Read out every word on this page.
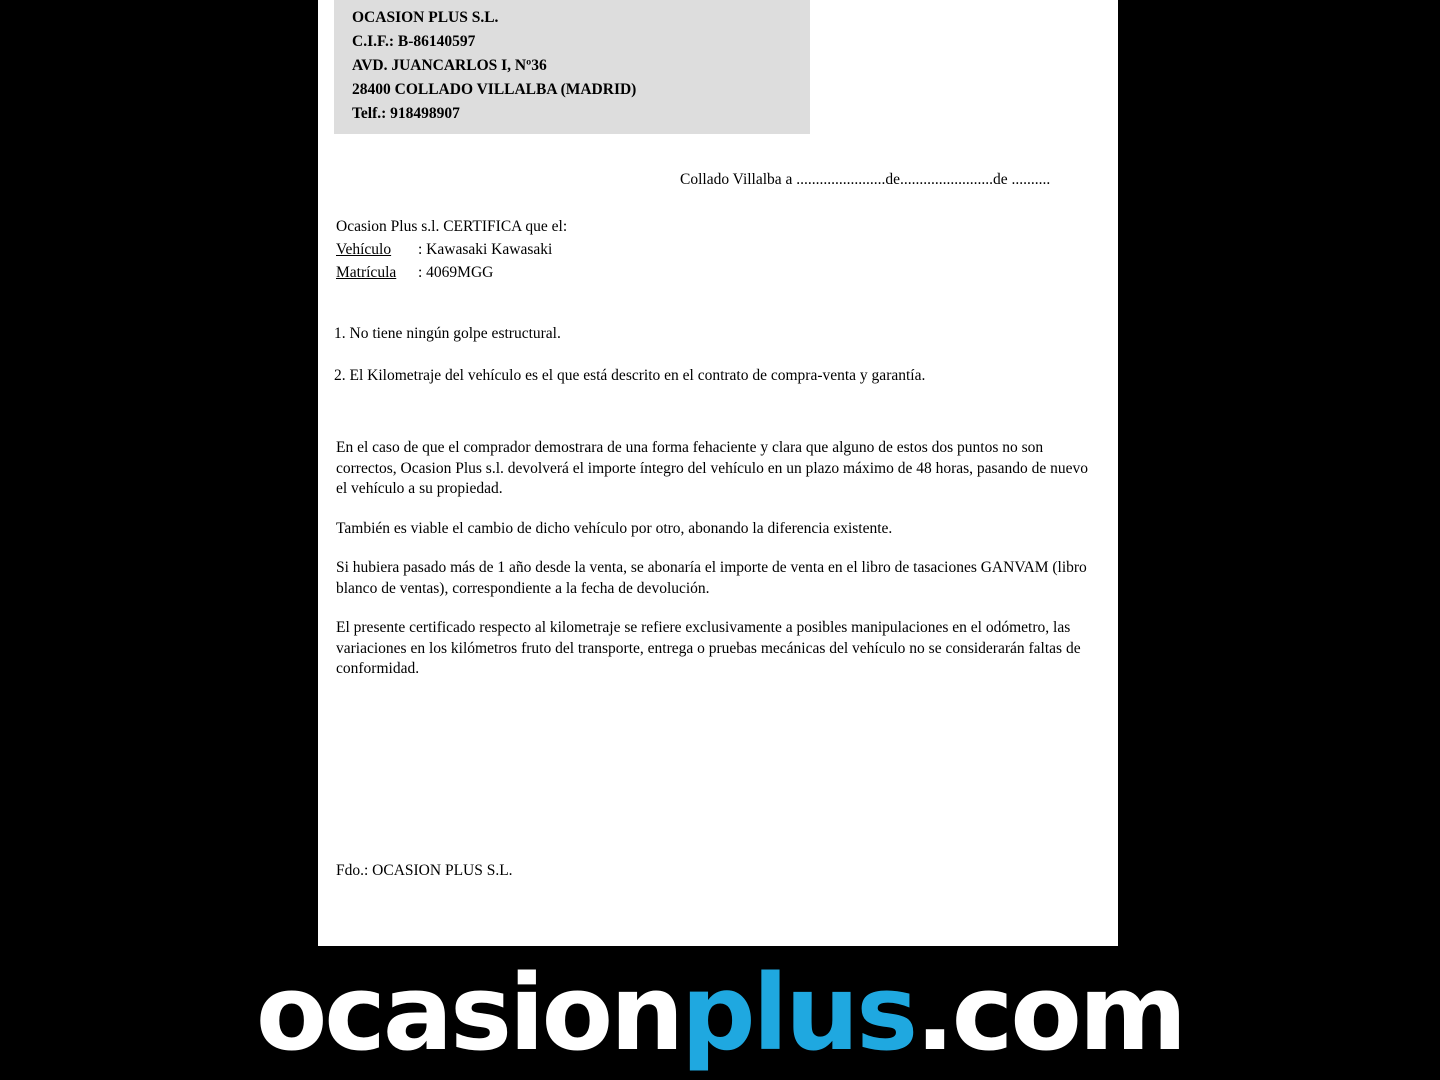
OCASION PLUS S.L.
C.I.F.: B-86140597
AVD. JUANCARLOS I, Nº36
28400 COLLADO VILLALBA (MADRID)
Telf.: 918498907
Collado Villalba a .......................de........................de ..........
Ocasion Plus s.l. CERTIFICA que el:
Vehículo : Kawasaki Kawasaki
Matrícula : 4069MGG
1. No tiene ningún golpe estructural.
2. El Kilometraje del vehículo es el que está descrito en el contrato de compra-venta y garantía.
En el caso de que el comprador demostrara de una forma fehaciente y clara que alguno de estos dos puntos no son correctos, Ocasion Plus s.l. devolverá el importe íntegro del vehículo en un plazo máximo de 48 horas, pasando de nuevo el vehículo a su propiedad.
También es viable el cambio de dicho vehículo por otro, abonando la diferencia existente.
Si hubiera pasado más de 1 año desde la venta, se abonaría el importe de venta en el libro de tasaciones GANVAM (libro blanco de ventas), correspondiente a la fecha de devolución.
El presente certificado respecto al kilometraje se refiere exclusivamente a posibles manipulaciones en el odómetro, las variaciones en los kilómetros fruto del transporte, entrega o pruebas mecánicas del vehículo no se considerarán faltas de conformidad.
Fdo.: OCASION PLUS S.L.
ocasionplus.com
